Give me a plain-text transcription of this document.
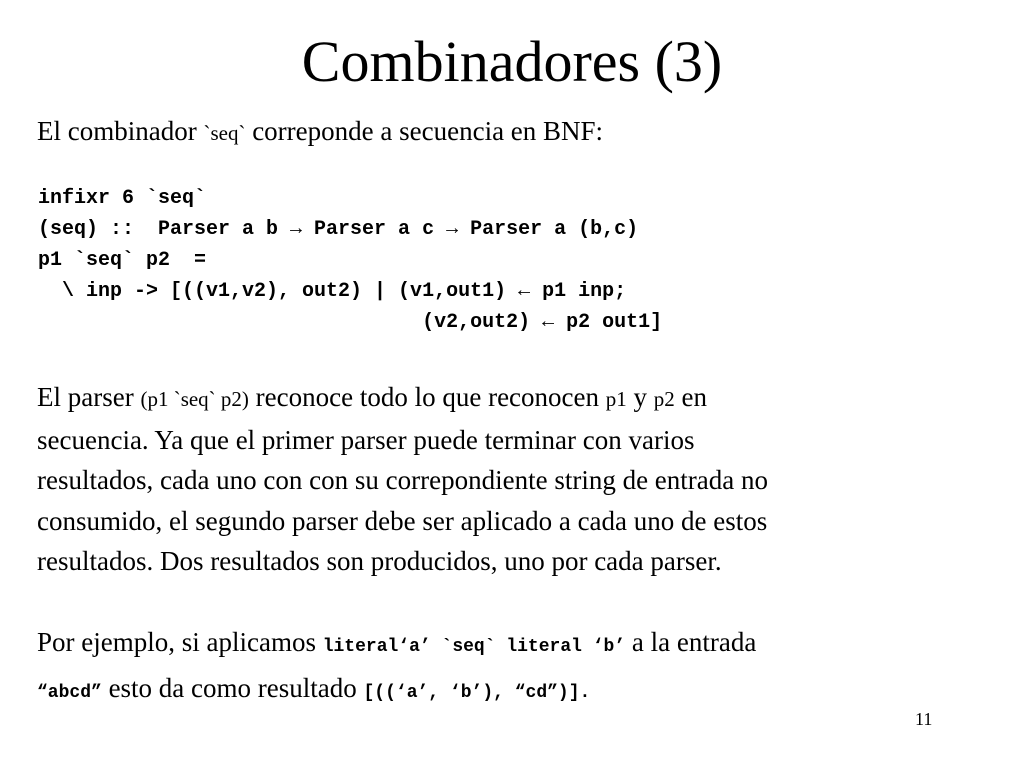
Combinadores (3)
El combinador `seq` correponde a secuencia en BNF:
infixr 6 `seq`
(seq) ::  Parser a b → Parser a c → Parser a (b,c)
p1 `seq` p2  =
\ inp -> [((v1,v2), out2) | (v1,out1) ← p1 inp;
(v2,out2) ← p2 out1]
El parser (p1 `seq` p2) reconoce todo lo que reconocen p1 y p2 en
secuencia. Ya que el primer parser puede terminar con varios
resultados, cada uno con con su correpondiente string de entrada no
consumido, el segundo parser debe ser aplicado a cada uno de estos
resultados. Dos resultados son producidos, uno por cada parser.
Por ejemplo, si aplicamos literal‘a’ `seq` literal ‘b’ a la entrada
“abcd” esto da como resultado [((‘a’, ‘b’), “cd”)].
11
